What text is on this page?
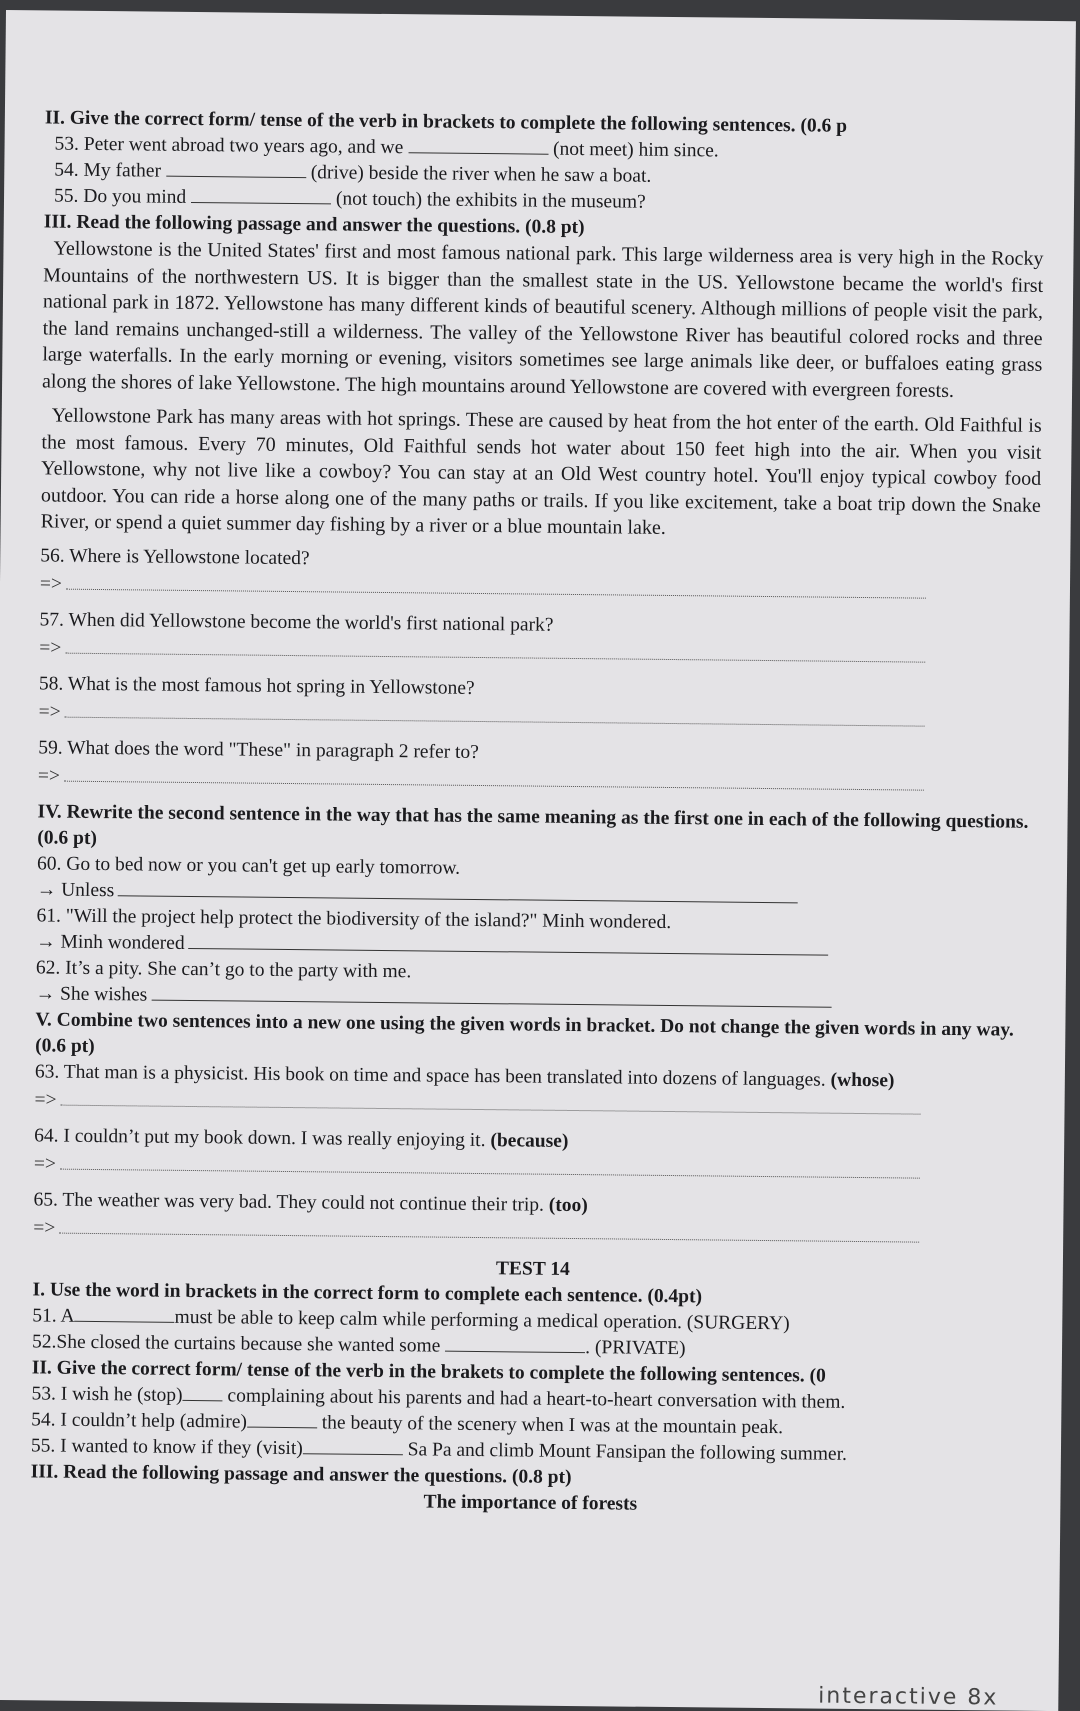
II. Give the correct form/ tense of the verb in brackets to complete the following sentences. (0.6 p

53. Peter went abroad two years ago, and we	(not meet) him since.

54. My father	(drive) beside the river when he saw a boat.

55. Do you mind	(not touch) the exhibits in the museum?

III. Read the following passage and answer the questions. (0.8 pt)

Yellowstone is the United States' first and most famous national park. This large wilderness area is very high in the Rocky Mountains of the northwestern US. It is bigger than the smallest state in the US. Yellowstone became the world's first national park in 1872. Yellowstone has many different kinds of beautiful scenery. Although millions of people visit the park, the land remains unchanged-still a wilderness. The valley of the Yellowstone River has beautiful colored rocks and three large waterfalls. In the early morning or evening, visitors sometimes see large animals like deer, or buffaloes eating grass along the shores of lake Yellowstone. The high mountains around Yellowstone are covered with evergreen forests.

Yellowstone Park has many areas with hot springs. These are caused by heat from the hot enter of the earth. Old Faithful is the most famous. Every 70 minutes, Old Faithful sends hot water about 150 feet high into the air. When you visit Yellowstone, why not live like a cowboy? You can stay at an Old West country hotel. You'll enjoy typical cowboy food outdoor. You can ride a horse along one of the many paths or trails. If you like excitement, take a boat trip down the Snake River, or spend a quiet summer day fishing by a river or a blue mountain lake.

56. Where is Yellowstone located?

=>

57. When did Yellowstone become the world's first national park?

=>

58. What is the most famous hot spring in Yellowstone?

=>

59. What does the word "These" in paragraph 2 refer to?

=>

IV. Rewrite the second sentence in the way that has the same meaning as the first one in each of the following questions. (0.6 pt)

60. Go to bed now or you can't get up early tomorrow.

→ Unless

61. "Will the project help protect the biodiversity of the island?" Minh wondered.

→ Minh wondered

62. It’s a pity. She can’t go to the party with me.

→ She wishes

V. Combine two sentences into a new one using the given words in bracket. Do not change the given words in any way. (0.6 pt)

63. That man is a physicist. His book on time and space has been translated into dozens of languages. (whose)

=>

64. I couldn’t put my book down. I was really enjoying it. (because)

=>

65. The weather was very bad. They could not continue their trip. (too)

=>

TEST 14

I. Use the word in brackets in the correct form to complete each sentence. (0.4pt)

51. A	must be able to keep calm while performing a medical operation. (SURGERY)

52.She closed the curtains because she wanted some	. (PRIVATE)

II. Give the correct form/ tense of the verb in the brakets to complete the following sentences. (0

53. I wish he (stop) complaining about his parents and had a heart-to-heart conversation with them.

54. I couldn’t help (admire)	the beauty of the scenery when I was at the mountain peak.

55. I wanted to know if they (visit)	Sa Pa and climb Mount Fansipan the following summer.

III. Read the following passage and answer the questions. (0.8 pt)

The importance of forests

interactive 8x
